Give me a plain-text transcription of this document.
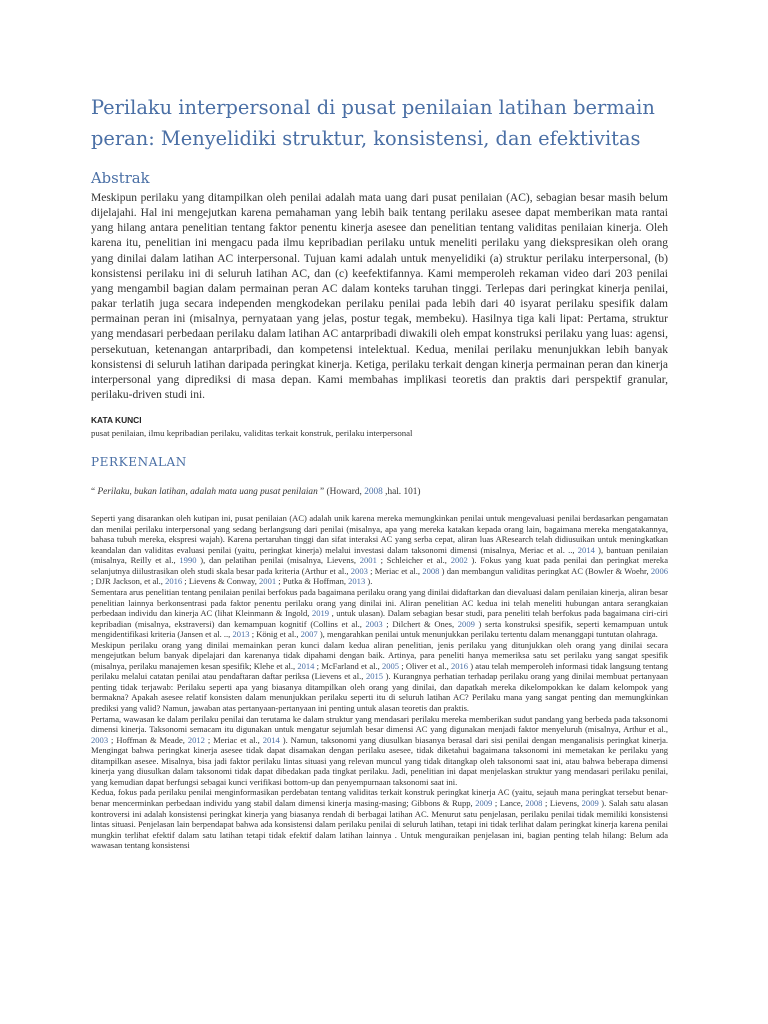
Perilaku interpersonal di pusat penilaian latihan bermain peran: Menyelidiki struktur, konsistensi, dan efektivitas
Abstrak

Meskipun perilaku yang ditampilkan oleh penilai adalah mata uang dari pusat penilaian (AC), sebagian besar masih belum dijelajahi. Hal ini mengejutkan karena pemahaman yang lebih baik tentang perilaku asesee dapat memberikan mata rantai yang hilang antara penelitian tentang faktor penentu kinerja asesee dan penelitian tentang validitas penilaian kinerja. Oleh karena itu, penelitian ini mengacu pada ilmu kepribadian perilaku untuk meneliti perilaku yang diekspresikan oleh orang yang dinilai dalam latihan AC interpersonal. Tujuan kami adalah untuk menyelidiki (a) struktur perilaku interpersonal, (b) konsistensi perilaku ini di seluruh latihan AC, dan (c) keefektifannya. Kami memperoleh rekaman video dari 203 penilai yang mengambil bagian dalam permainan peran AC dalam konteks taruhan tinggi. Terlepas dari peringkat kinerja penilai, pakar terlatih juga secara independen mengkodekan perilaku penilai pada lebih dari 40 isyarat perilaku spesifik dalam permainan peran ini (misalnya, pernyataan yang jelas, postur tegak, membeku). Hasilnya tiga kali lipat: Pertama, struktur yang mendasari perbedaan perilaku dalam latihan AC antarpribadi diwakili oleh empat konstruksi perilaku yang luas: agensi, persekutuan, ketenangan antarpribadi, dan kompetensi intelektual. Kedua, menilai perilaku menunjukkan lebih banyak konsistensi di seluruh latihan daripada peringkat kinerja. Ketiga, perilaku terkait dengan kinerja permainan peran dan kinerja interpersonal yang diprediksi di masa depan. Kami membahas implikasi teoretis dan praktis dari perspektif granular, perilaku-driven studi ini.

KATA KUNCI
pusat penilaian, ilmu kepribadian perilaku, validitas terkait konstruk, perilaku interpersonal
PERKENALAN

“ Perilaku, bukan latihan, adalah mata uang pusat penilaian ” (Howard, 2008 ,hal. 101)

Seperti yang disarankan oleh kutipan ini, pusat penilaian (AC) adalah unik karena mereka memungkinkan penilai untuk mengevaluasi penilai berdasarkan pengamatan dan menilai perilaku interpersonal yang sedang berlangsung dari penilai (misalnya, apa yang mereka katakan kepada orang lain, bagaimana mereka mengatakannya, bahasa tubuh mereka, ekspresi wajah). Karena pertaruhan tinggi dan sifat interaksi AC yang serba cepat, aliran luas AResearch telah didiusuikan untuk meningkatkan keandalan dan validitas evaluasi penilai (yaitu, peringkat kinerja) melalui investasi dalam taksonomi dimensi (misalnya, Meriac et al. .., 2014 ), bantuan penilaian (misalnya, Reilly et al., 1990 ), dan pelatihan penilai (misalnya, Lievens, 2001 ; Schleicher et al., 2002 ). Fokus yang kuat pada penilai dan peringkat mereka selanjutnya diilustrasikan oleh studi skala besar pada kriteria (Arthur et al., 2003 ; Meriac et al., 2008 ) dan membangun validitas peringkat AC (Bowler & Woehr, 2006 ; DJR Jackson, et al., 2016 ; Lievens & Conway, 2001 ; Putka & Hoffman, 2013 ).

Sementara arus penelitian tentang penilaian penilai berfokus pada bagaimana perilaku orang yang dinilai didaftarkan dan dievaluasi dalam penilaian kinerja, aliran besar penelitian lainnya berkonsentrasi pada faktor penentu perilaku orang yang dinilai ini. Aliran penelitian AC kedua ini telah meneliti hubungan antara serangkaian perbedaan individu dan kinerja AC (lihat Kleinmann & Ingold, 2019 , untuk ulasan). Dalam sebagian besar studi, para peneliti telah berfokus pada bagaimana ciri-ciri kepribadian (misalnya, ekstraversi) dan kemampuan kognitif (Collins et al., 2003 ; Dilchert & Ones, 2009 ) serta konstruksi spesifik, seperti kemampuan untuk mengidentifikasi kriteria (Jansen et al. .., 2013 ; König et al., 2007 ), mengarahkan penilai untuk menunjukkan perilaku tertentu dalam menanggapi tuntutan olahraga.

Meskipun perilaku orang yang dinilai memainkan peran kunci dalam kedua aliran penelitian, jenis perilaku yang ditunjukkan oleh orang yang dinilai secara mengejutkan belum banyak dipelajari dan karenanya tidak dipahami dengan baik. Artinya, para peneliti hanya memeriksa satu set perilaku yang sangat spesifik (misalnya, perilaku manajemen kesan spesifik; Klehe et al., 2014 ; McFarland et al., 2005 ; Oliver et al., 2016 ) atau telah memperoleh informasi tidak langsung tentang perilaku melalui catatan penilai atau pendaftaran daftar periksa (Lievens et al., 2015 ). Kurangnya perhatian terhadap perilaku orang yang dinilai membuat pertanyaan penting tidak terjawab: Perilaku seperti apa yang biasanya ditampilkan oleh orang yang dinilai, dan dapatkah mereka dikelompokkan ke dalam kelompok yang bermakna? Apakah asesee relatif konsisten dalam menunjukkan perilaku seperti itu di seluruh latihan AC? Perilaku mana yang sangat penting dan memungkinkan prediksi yang valid? Namun, jawaban atas pertanyaan-pertanyaan ini penting untuk alasan teoretis dan praktis.

Pertama, wawasan ke dalam perilaku penilai dan terutama ke dalam struktur yang mendasari perilaku mereka memberikan sudut pandang yang berbeda pada taksonomi dimensi kinerja. Taksonomi semacam itu digunakan untuk mengatur sejumlah besar dimensi AC yang digunakan menjadi faktor menyeluruh (misalnya, Arthur et al., 2003 ; Hoffman & Meade, 2012 ; Meriac et al., 2014 ). Namun, taksonomi yang diusulkan biasanya berasal dari sisi penilai dengan menganalisis peringkat kinerja. Mengingat bahwa peringkat kinerja asesee tidak dapat disamakan dengan perilaku asesee, tidak diketahui bagaimana taksonomi ini memetakan ke perilaku yang ditampilkan asesee. Misalnya, bisa jadi faktor perilaku lintas situasi yang relevan muncul yang tidak ditangkap oleh taksonomi saat ini, atau bahwa beberapa dimensi kinerja yang diusulkan dalam taksonomi tidak dapat dibedakan pada tingkat perilaku. Jadi, penelitian ini dapat menjelaskan struktur yang mendasari perilaku penilai, yang kemudian dapat berfungsi sebagai kunci verifikasi bottom-up dan penyempurnaan taksonomi saat ini.

Kedua, fokus pada perilaku penilai menginformasikan perdebatan tentang validitas terkait konstruk peringkat kinerja AC (yaitu, sejauh mana peringkat tersebut benar-benar mencerminkan perbedaan individu yang stabil dalam dimensi kinerja masing-masing; Gibbons & Rupp, 2009 ; Lance, 2008 ; Lievens, 2009 ). Salah satu alasan kontroversi ini adalah konsistensi peringkat kinerja yang biasanya rendah di berbagai latihan AC. Menurut satu penjelasan, perilaku penilai tidak memiliki konsistensi lintas situasi. Penjelasan lain berpendapat bahwa ada konsistensi dalam perilaku penilai di seluruh latihan, tetapi ini tidak terlihat dalam peringkat kinerja karena penilai mungkin terlihat efektif dalam satu latihan tetapi tidak efektif dalam latihan lainnya . Untuk menguraikan penjelasan ini, bagian penting telah hilang: Belum ada wawasan tentang konsistensi
